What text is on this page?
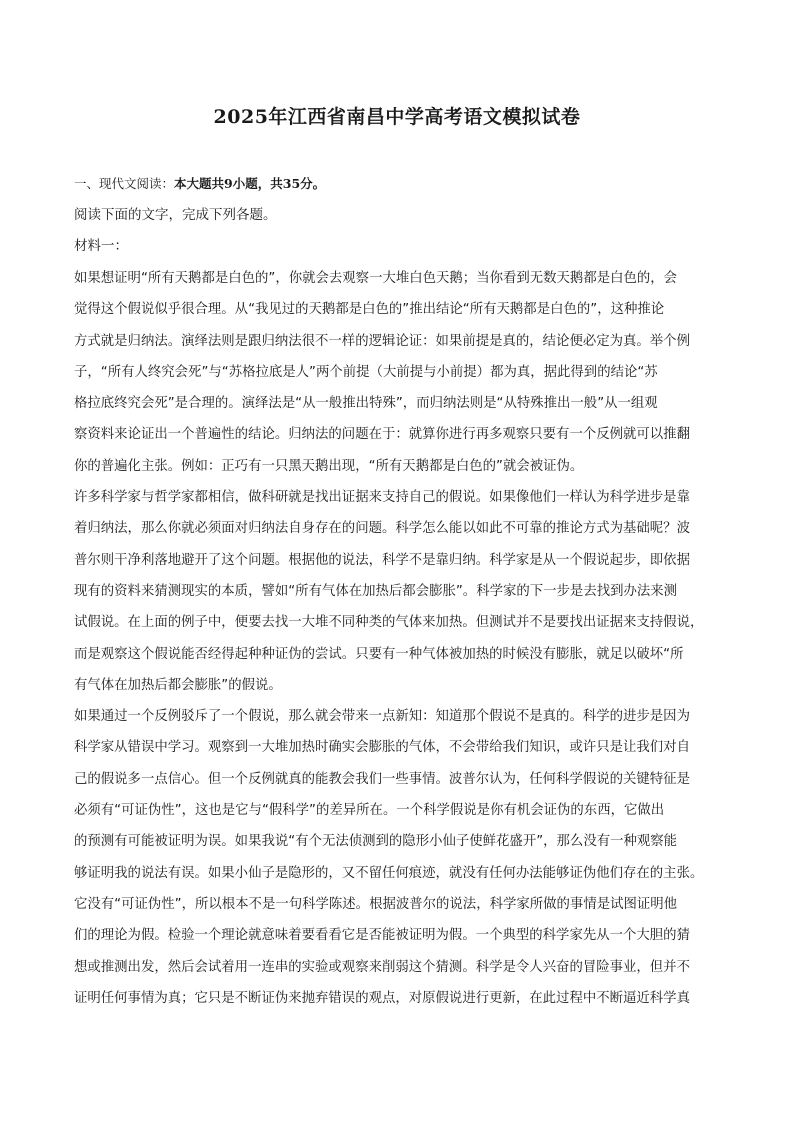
2025年江西省南昌中学高考语文模拟试卷
一、现代文阅读：本大题共9小题，共35分。
阅读下面的文字，完成下列各题。
材料一：

如果想证明“所有天鹅都是白色的”，你就会去观察一大堆白色天鹅；当你看到无数天鹅都是白色的，会
觉得这个假说似乎很合理。从“我见过的天鹅都是白色的”推出结论“所有天鹅都是白色的”，这种推论
方式就是归纳法。演绎法则是跟归纳法很不一样的逻辑论证：如果前提是真的，结论便必定为真。举个例
子，“所有人终究会死”与“苏格拉底是人”两个前提（大前提与小前提）都为真，据此得到的结论“苏
格拉底终究会死”是合理的。演绎法是“从一般推出特殊”，而归纳法则是“从特殊推出一般”从一组观
察资料来论证出一个普遍性的结论。归纳法的问题在于：就算你进行再多观察只要有一个反例就可以推翻
你的普遍化主张。例如：正巧有一只黑天鹅出现，“所有天鹅都是白色的”就会被证伪。

许多科学家与哲学家都相信，做科研就是找出证据来支持自己的假说。如果像他们一样认为科学进步是靠
着归纳法，那么你就必须面对归纳法自身存在的问题。科学怎么能以如此不可靠的推论方式为基础呢？波
普尔则干净利落地避开了这个问题。根据他的说法，科学不是靠归纳。科学家是从一个假说起步，即依据
现有的资料来猜测现实的本质，譬如“所有气体在加热后都会膨胀”。科学家的下一步是去找到办法来测
试假说。在上面的例子中，便要去找一大堆不同种类的气体来加热。但测试并不是要找出证据来支持假说，
而是观察这个假说能否经得起种种证伪的尝试。只要有一种气体被加热的时候没有膨胀，就足以破坏“所
有气体在加热后都会膨胀”的假说。

如果通过一个反例驳斥了一个假说，那么就会带来一点新知：知道那个假说不是真的。科学的进步是因为
科学家从错误中学习。观察到一大堆加热时确实会膨胀的气体，不会带给我们知识，或许只是让我们对自
己的假说多一点信心。但一个反例就真的能教会我们一些事情。波普尔认为，任何科学假说的关键特征是
必须有“可证伪性”，这也是它与“假科学”的差异所在。一个科学假说是你有机会证伪的东西，它做出
的预测有可能被证明为误。如果我说“有个无法侦测到的隐形小仙子使鲜花盛开”，那么没有一种观察能
够证明我的说法有误。如果小仙子是隐形的，又不留任何痕迹，就没有任何办法能够证伪他们存在的主张。
它没有“可证伪性”，所以根本不是一句科学陈述。根据波普尔的说法，科学家所做的事情是试图证明他
们的理论为假。检验一个理论就意味着要看看它是否能被证明为假。一个典型的科学家先从一个大胆的猜
想或推测出发，然后会试着用一连串的实验或观察来削弱这个猜测。科学是令人兴奋的冒险事业，但并不
证明任何事情为真；它只是不断证伪来抛弃错误的观点，对原假说进行更新，在此过程中不断逼近科学真
